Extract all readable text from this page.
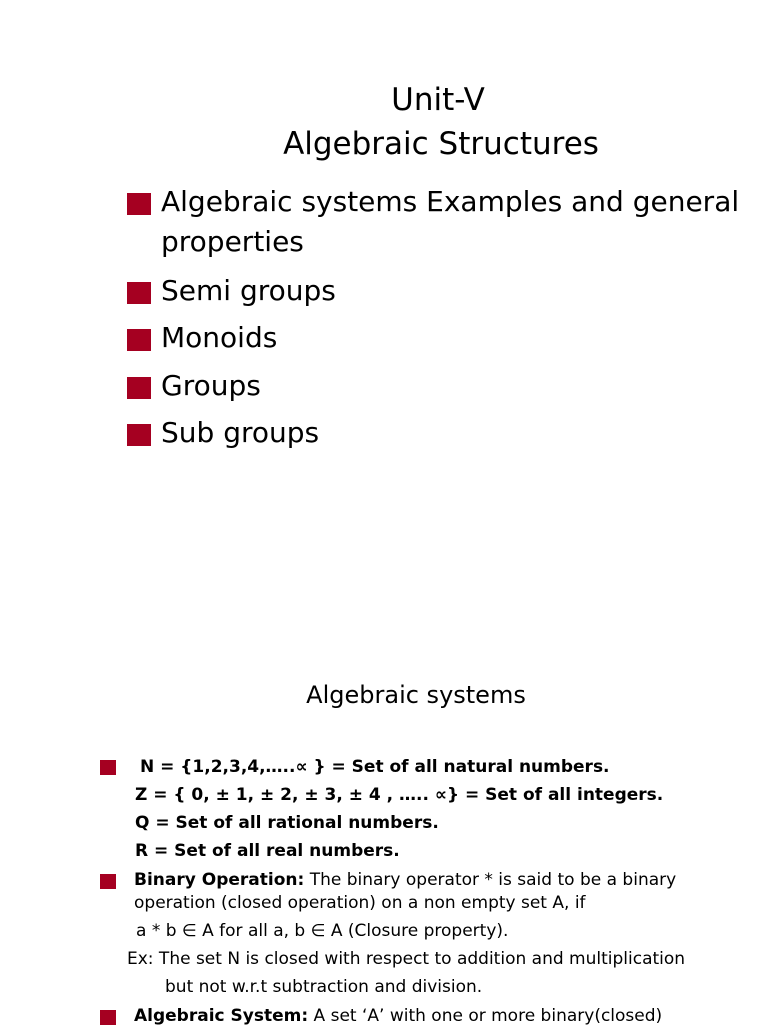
Unit-V
Algebraic Structures
Algebraic systems Examples and general
properties
Semi groups
Monoids
Groups
Sub groups
Algebraic systems
N = {1,2,3,4,…..∝ } = Set of all natural numbers.
Z = { 0, ± 1, ± 2, ± 3, ± 4 , ….. ∝} = Set of all integers.
Q = Set of all rational numbers.
R = Set of all real numbers.
Binary Operation: The binary operator * is said to be a binary
operation (closed operation) on a non empty set A, if
a * b ∈ A for all a, b ∈ A (Closure property).
Ex: The set N is closed with respect to addition and multiplication
but not w.r.t subtraction and division.
Algebraic System: A set ‘A’ with one or more binary(closed)
